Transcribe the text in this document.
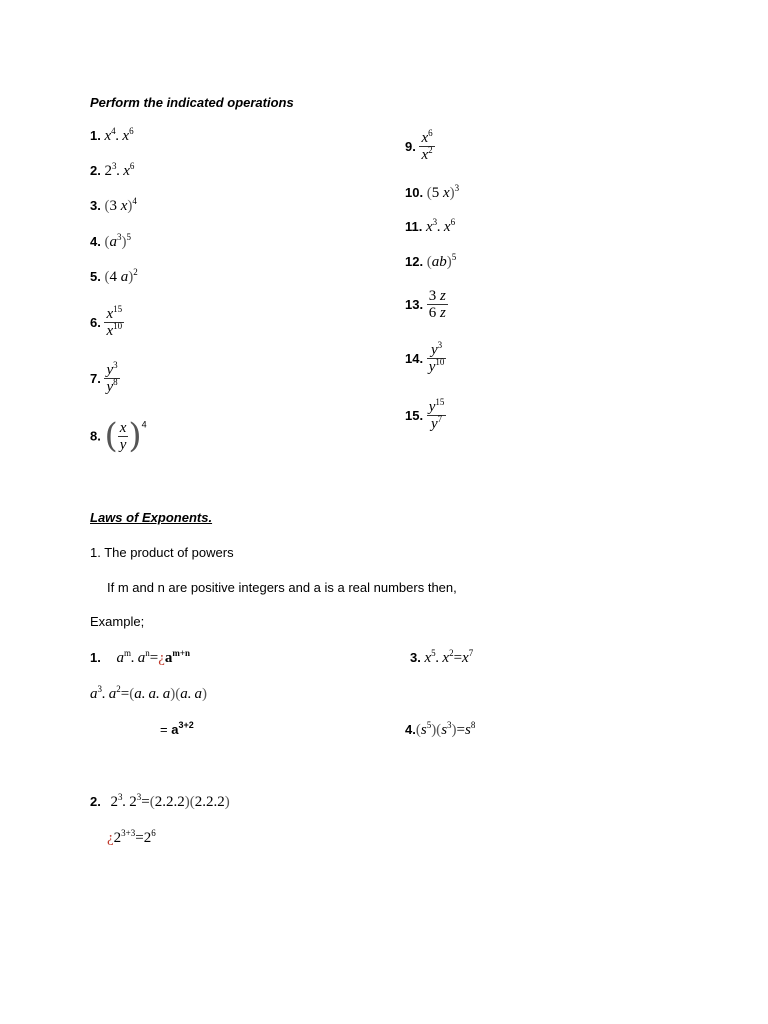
Perform the indicated operations
1. $x^4$. $x^6$
2. $2^3$. $x^6$
3. (3 x)$^4$
4. $(a^3)^5$
5. (4 a)$^2$
6. $\frac{x^{15}}{x^{10}}$
7. $\frac{y^3}{y^8}$
8. ( $\frac{x}{y} )^4$
9. $\frac{x^6}{x^2}$
10. (5 x)$^3$
11. $x^3$. $x^6$
12. (ab)$^5$
13. $\frac{3 z}{6 z}$
14. $\frac{y^3}{y^{10}}$
15. $\frac{y^{15}}{y^7}$
Laws of Exponents.
1. The product of powers
If m and n are positive integers and a is a real numbers then,
Example;
1. $a^m$. $a^n=¿a^{m+n}$	3. $x^5$. $x^2=x^7$
$a^3$. $a^2=(a$. a. a)(a. a)
= $a^{3+2}$	$4.(s^5)(s^3)=s^8$
2. $2^3$. $2^3=(2.2.2)(2.2.2)$
¿$2^{3+3}=2^6$
